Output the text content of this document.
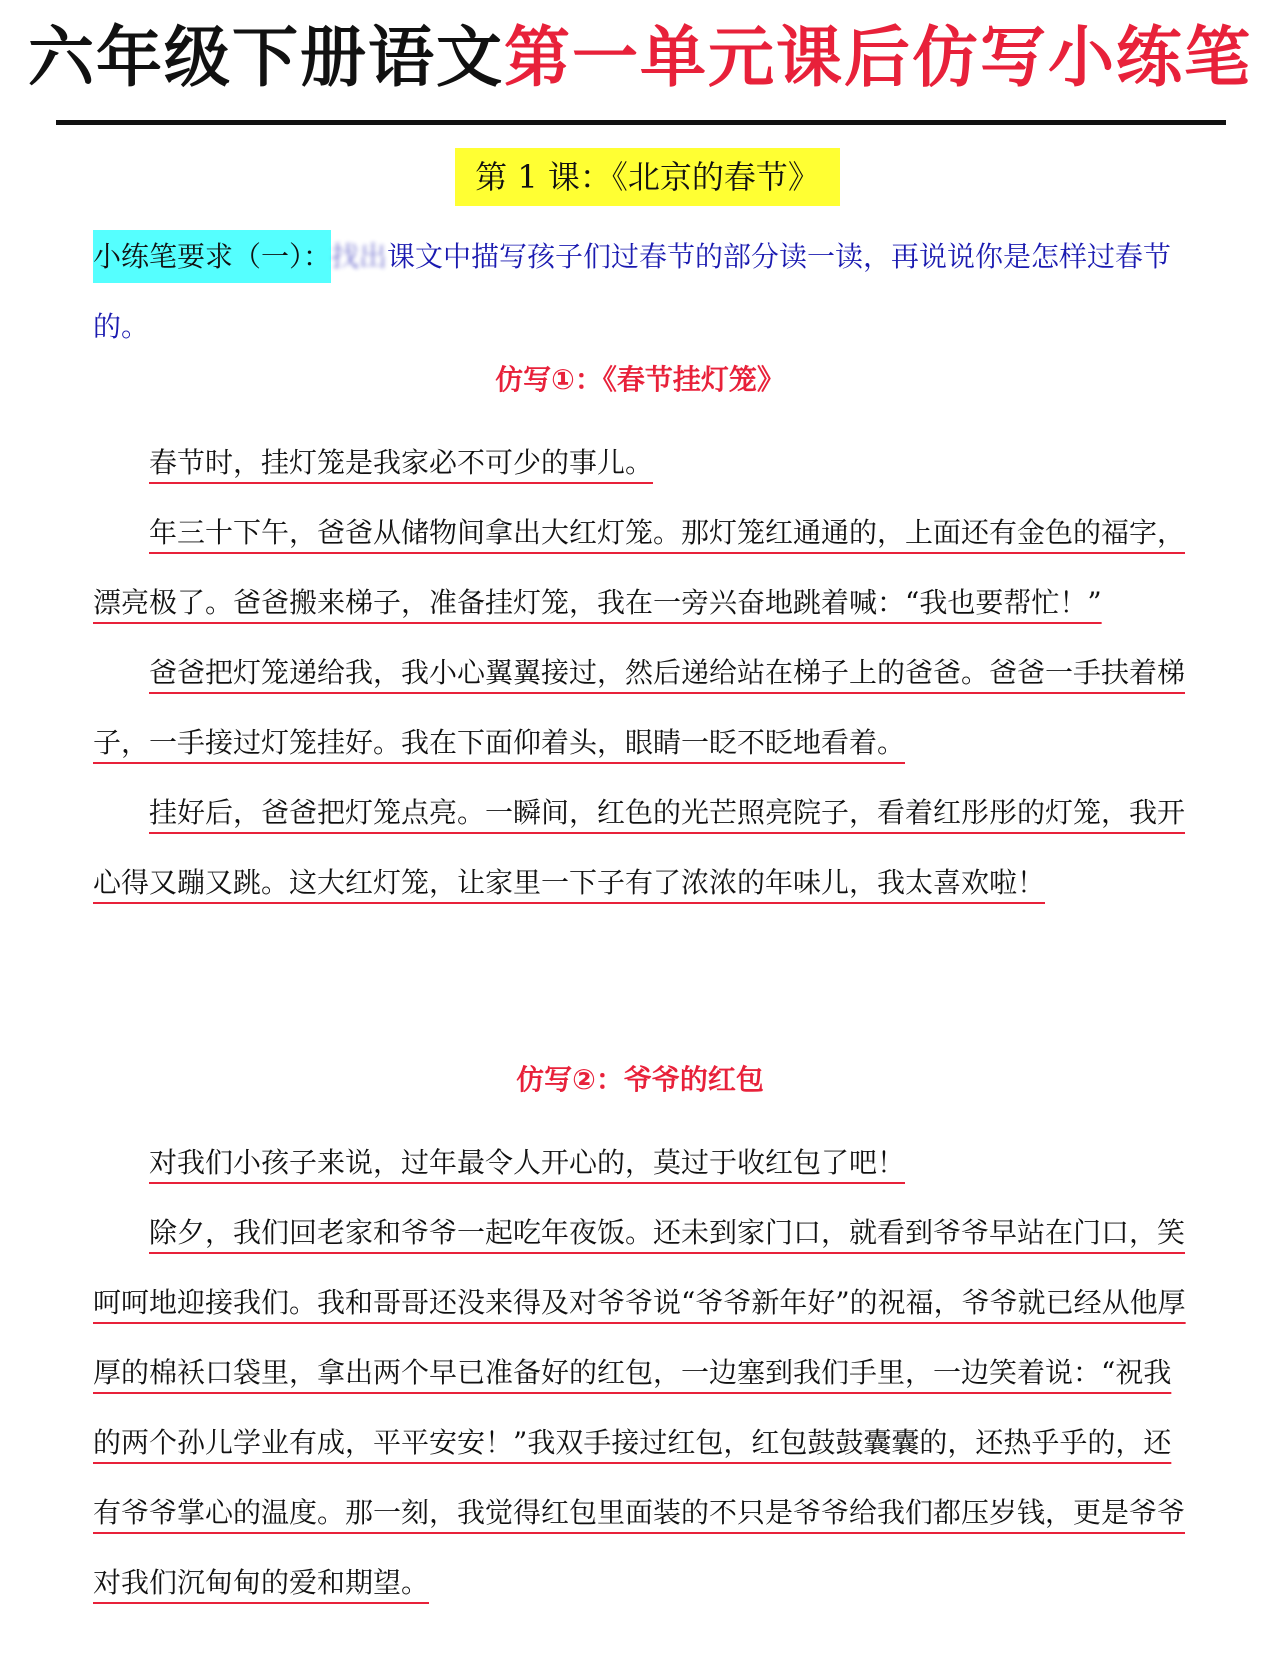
六年级下册语文第一单元课后仿写小练笔
第 1 课：《北京的春节》
小练笔要求（一）：找出课文中描写孩子们过春节的部分读一读，再说说你是怎样过春节的。
仿写①：《春节挂灯笼》

春节时，挂灯笼是我家必不可少的事儿。

年三十下午，爸爸从储物间拿出大红灯笼。那灯笼红通通的，上面还有金色的福字，漂亮极了。爸爸搬来梯子，准备挂灯笼，我在一旁兴奋地跳着喊：“我也要帮忙！”

爸爸把灯笼递给我，我小心翼翼接过，然后递给站在梯子上的爸爸。爸爸一手扶着梯子，一手接过灯笼挂好。我在下面仰着头，眼睛一眨不眨地看着。

挂好后，爸爸把灯笼点亮。一瞬间，红色的光芒照亮院子，看着红彤彤的灯笼，我开心得又蹦又跳。这大红灯笼，让家里一下子有了浓浓的年味儿，我太喜欢啦！

仿写②：爷爷的红包

对我们小孩子来说，过年最令人开心的，莫过于收红包了吧！

除夕，我们回老家和爷爷一起吃年夜饭。还未到家门口，就看到爷爷早站在门口，笑呵呵地迎接我们。我和哥哥还没来得及对爷爷说“爷爷新年好”的祝福，爷爷就已经从他厚厚的棉袄口袋里，拿出两个早已准备好的红包，一边塞到我们手里，一边笑着说：“祝我的两个孙儿学业有成，平平安安！”我双手接过红包，红包鼓鼓囊囊的，还热乎乎的，还有爷爷掌心的温度。那一刻，我觉得红包里面装的不只是爷爷给我们都压岁钱，更是爷爷对我们沉甸甸的爱和期望。
